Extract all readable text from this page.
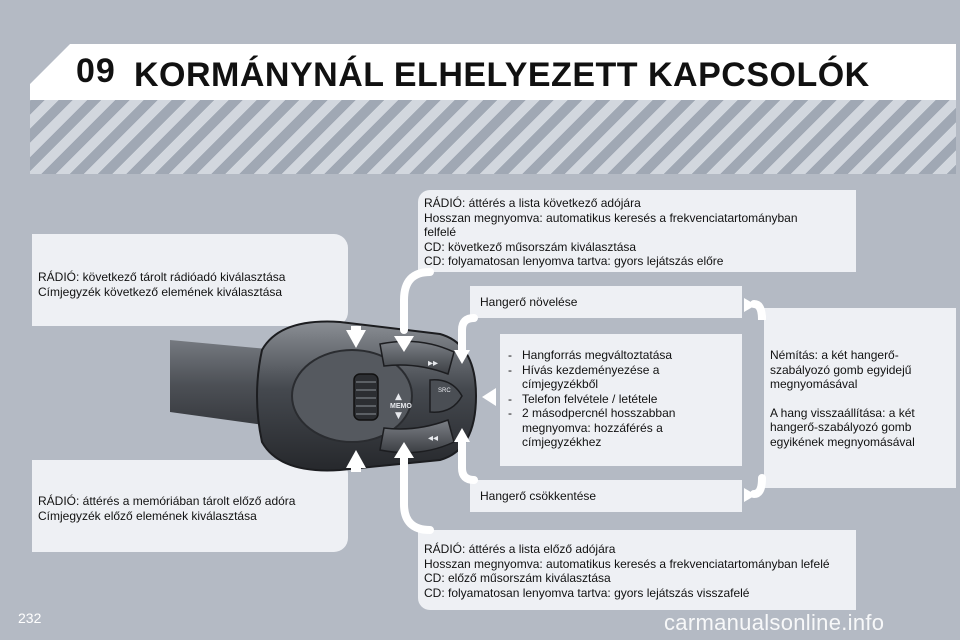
09 KORMÁNYNÁL ELHELYEZETT KAPCSOLÓK
RÁDIÓ: következő tárolt rádióadó kiválasztása
Címjegyzék következő elemének kiválasztása
RÁDIÓ: áttérés a memóriában tárolt előző adóra
Címjegyzék előző elemének kiválasztása
RÁDIÓ: áttérés a lista következő adójára
Hosszan megnyomva: automatikus keresés a frekvenciatartományban
felfelé
CD: következő műsorszám kiválasztása
CD: folyamatosan lenyomva tartva: gyors lejátszás előre
Hangerő növelése
Hangerő csökkentése
- Hangforrás megváltoztatása
- Hívás kezdeményezése a
címjegyzékből
- Telefon felvétele / letétele
- 2 másodpercnél hosszabban
megnyomva: hozzáférés a
címjegyzékhez

Némítás: a két hangerő-
szabályozó gomb egyidejű
megnyomásával

A hang visszaállítása: a két
hangerő-szabályozó gomb
egyikének megnyomásával

RÁDIÓ: áttérés a lista előző adójára
Hosszan megnyomva: automatikus keresés a frekvenciatartományban lefelé
CD: előző műsorszám kiválasztása
CD: folyamatosan lenyomva tartva: gyors lejátszás visszafelé
MEMO
▲
▼
▸▸
SRC
◂◂
232	carmanualsonline.info
